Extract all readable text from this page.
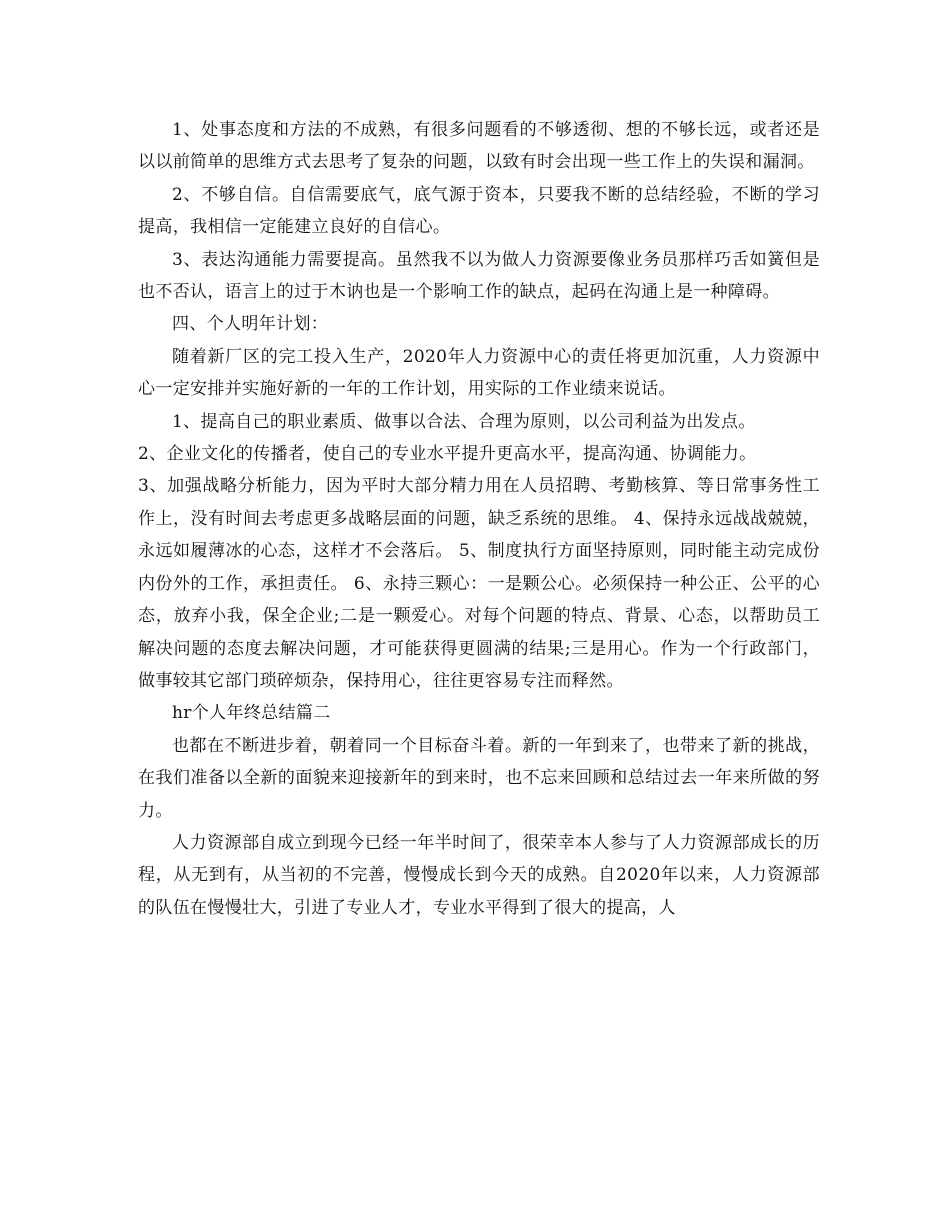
1、处事态度和方法的不成熟，有很多问题看的不够透彻、想的不够长远，或者还是以以前简单的思维方式去思考了复杂的问题，以致有时会出现一些工作上的失误和漏洞。

2、不够自信。自信需要底气，底气源于资本，只要我不断的总结经验，不断的学习提高，我相信一定能建立良好的自信心。

3、表达沟通能力需要提高。虽然我不以为做人力资源要像业务员那样巧舌如簧但是也不否认，语言上的过于木讷也是一个影响工作的缺点，起码在沟通上是一种障碍。

四、个人明年计划：

随着新厂区的完工投入生产，2020年人力资源中心的责任将更加沉重，人力资源中心一定安排并实施好新的一年的工作计划，用实际的工作业绩来说话。

1、提高自己的职业素质、做事以合法、合理为原则，以公司利益为出发点。

2、企业文化的传播者，使自己的专业水平提升更高水平，提高沟通、协调能力。

3、加强战略分析能力，因为平时大部分精力用在人员招聘、考勤核算、等日常事务性工作上，没有时间去考虑更多战略层面的问题，缺乏系统的思维。 4、保持永远战战兢兢，永远如履薄冰的心态，这样才不会落后。 5、制度执行方面坚持原则，同时能主动完成份内份外的工作，承担责任。 6、永持三颗心：一是颗公心。必须保持一种公正、公平的心态，放弃小我，保全企业;二是一颗爱心。对每个问题的特点、背景、心态，以帮助员工解决问题的态度去解决问题，才可能获得更圆满的结果;三是用心。作为一个行政部门，做事较其它部门琐碎烦杂，保持用心，往往更容易专注而释然。

hr个人年终总结篇二

也都在不断进步着，朝着同一个目标奋斗着。新的一年到来了，也带来了新的挑战，在我们准备以全新的面貌来迎接新年的到来时，也不忘来回顾和总结过去一年来所做的努力。

人力资源部自成立到现今已经一年半时间了，很荣幸本人参与了人力资源部成长的历程，从无到有，从当初的不完善，慢慢成长到今天的成熟。自2020年以来，人力资源部的队伍在慢慢壮大，引进了专业人才，专业水平得到了很大的提高，人
